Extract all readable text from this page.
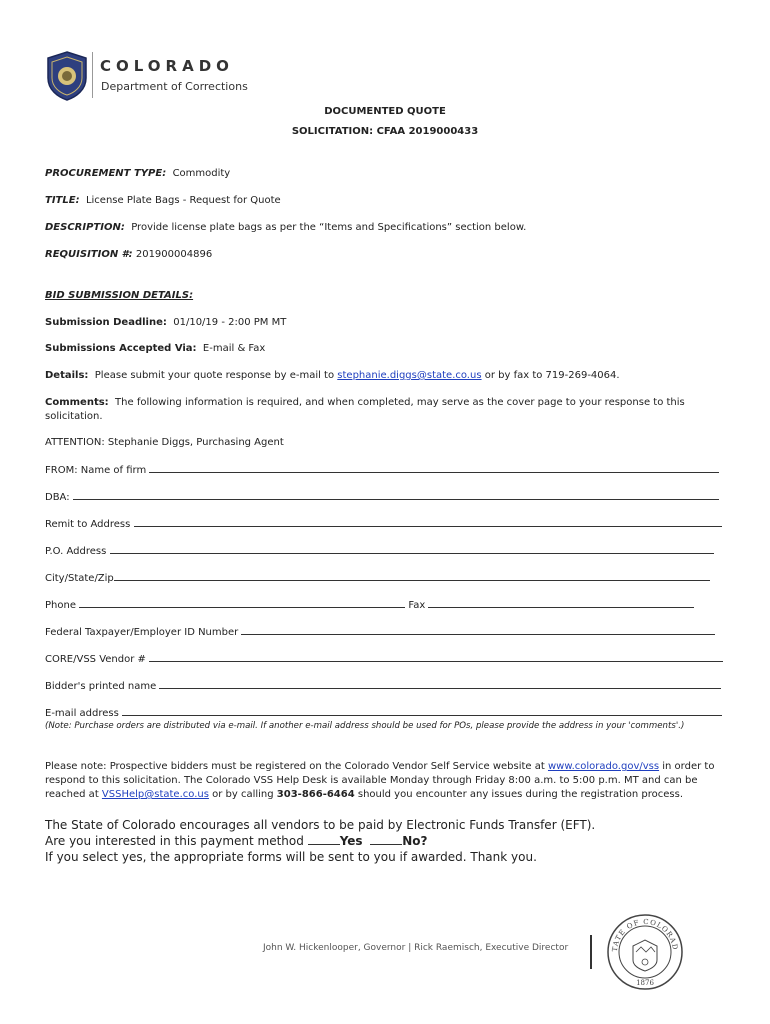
COLORADO
Department of Corrections
DOCUMENTED QUOTE
SOLICITATION: CFAA 2019000433
PROCUREMENT TYPE: Commodity
TITLE: License Plate Bags - Request for Quote
DESCRIPTION: Provide license plate bags as per the “Items and Specifications” section below.
REQUISITION #: 201900004896
BID SUBMISSION DETAILS:
Submission Deadline: 01/10/19 - 2:00 PM MT
Submissions Accepted Via: E-mail & Fax
Details: Please submit your quote response by e-mail to stephanie.diggs@state.co.us or by fax to 719-269-4064.
Comments: The following information is required, and when completed, may serve as the cover page to your response to this solicitation.
ATTENTION: Stephanie Diggs, Purchasing Agent
FROM: Name of firm
DBA:
Remit to Address
P.O. Address
City/State/Zip
Phone	Fax
Federal Taxpayer/Employer ID Number
CORE/VSS Vendor #
Bidder's printed name
E-mail address
(Note: Purchase orders are distributed via e-mail. If another e-mail address should be used for POs, please provide the address in your 'comments'.)
Please note: Prospective bidders must be registered on the Colorado Vendor Self Service website at www.colorado.gov/vss in order to respond to this solicitation. The Colorado VSS Help Desk is available Monday through Friday 8:00 a.m. to 5:00 p.m. MT and can be reached at VSSHelp@state.co.us or by calling 303-866-6464 should you encounter any issues during the registration process.
The State of Colorado encourages all vendors to be paid by Electronic Funds Transfer (EFT).
Are you interested in this payment method	Yes	No?
If you select yes, the appropriate forms will be sent to you if awarded. Thank you.
John W. Hickenlooper, Governor | Rick Raemisch, Executive Director	TATE OF COLORAD
1876
